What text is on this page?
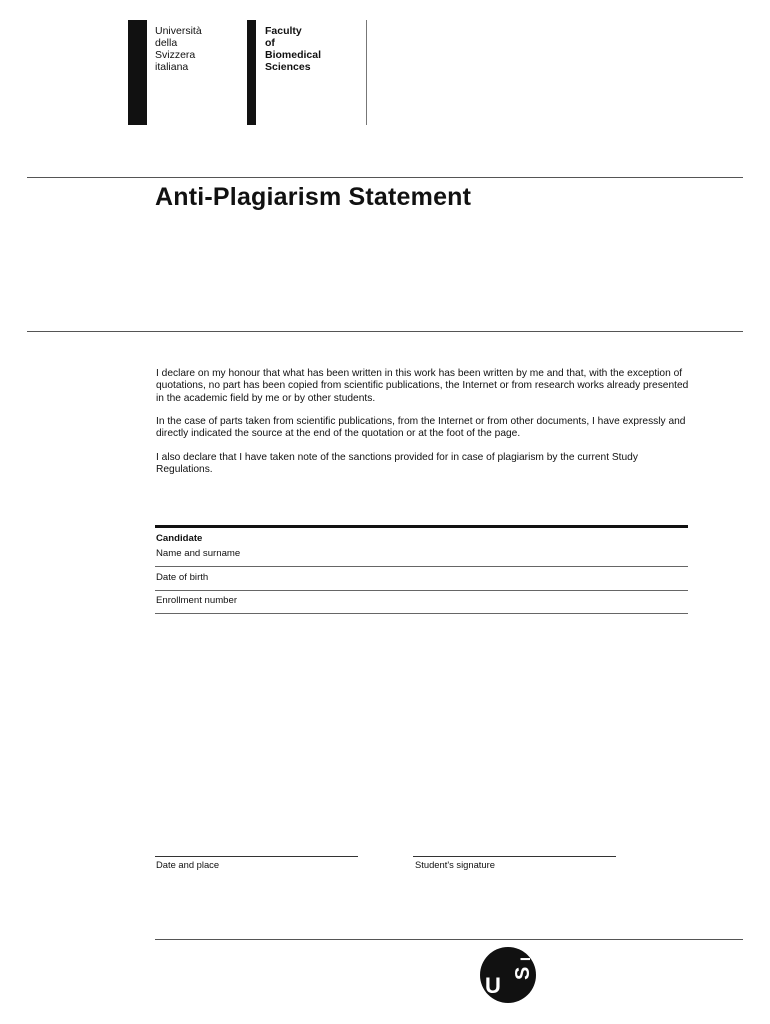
Università
della
Svizzera
italiana
Faculty
of
Biomedical
Sciences
Anti-Plagiarism Statement
I declare on my honour that what has been written in this work has been written by me and that, with the exception of quotations, no part has been copied from scientific publications, the Internet or from research works already presented in the academic field by me or by other students.
In the case of parts taken from scientific publications, from the Internet or from other documents, I have expressly and directly indicated the source at the end of the quotation or at the foot of the page.
I also declare that I have taken note of the sanctions provided for in case of plagiarism by the current Study Regulations.
Candidate
Name and surname
Date of birth
Enrollment number
Date and place	Student's signature
U S
I
